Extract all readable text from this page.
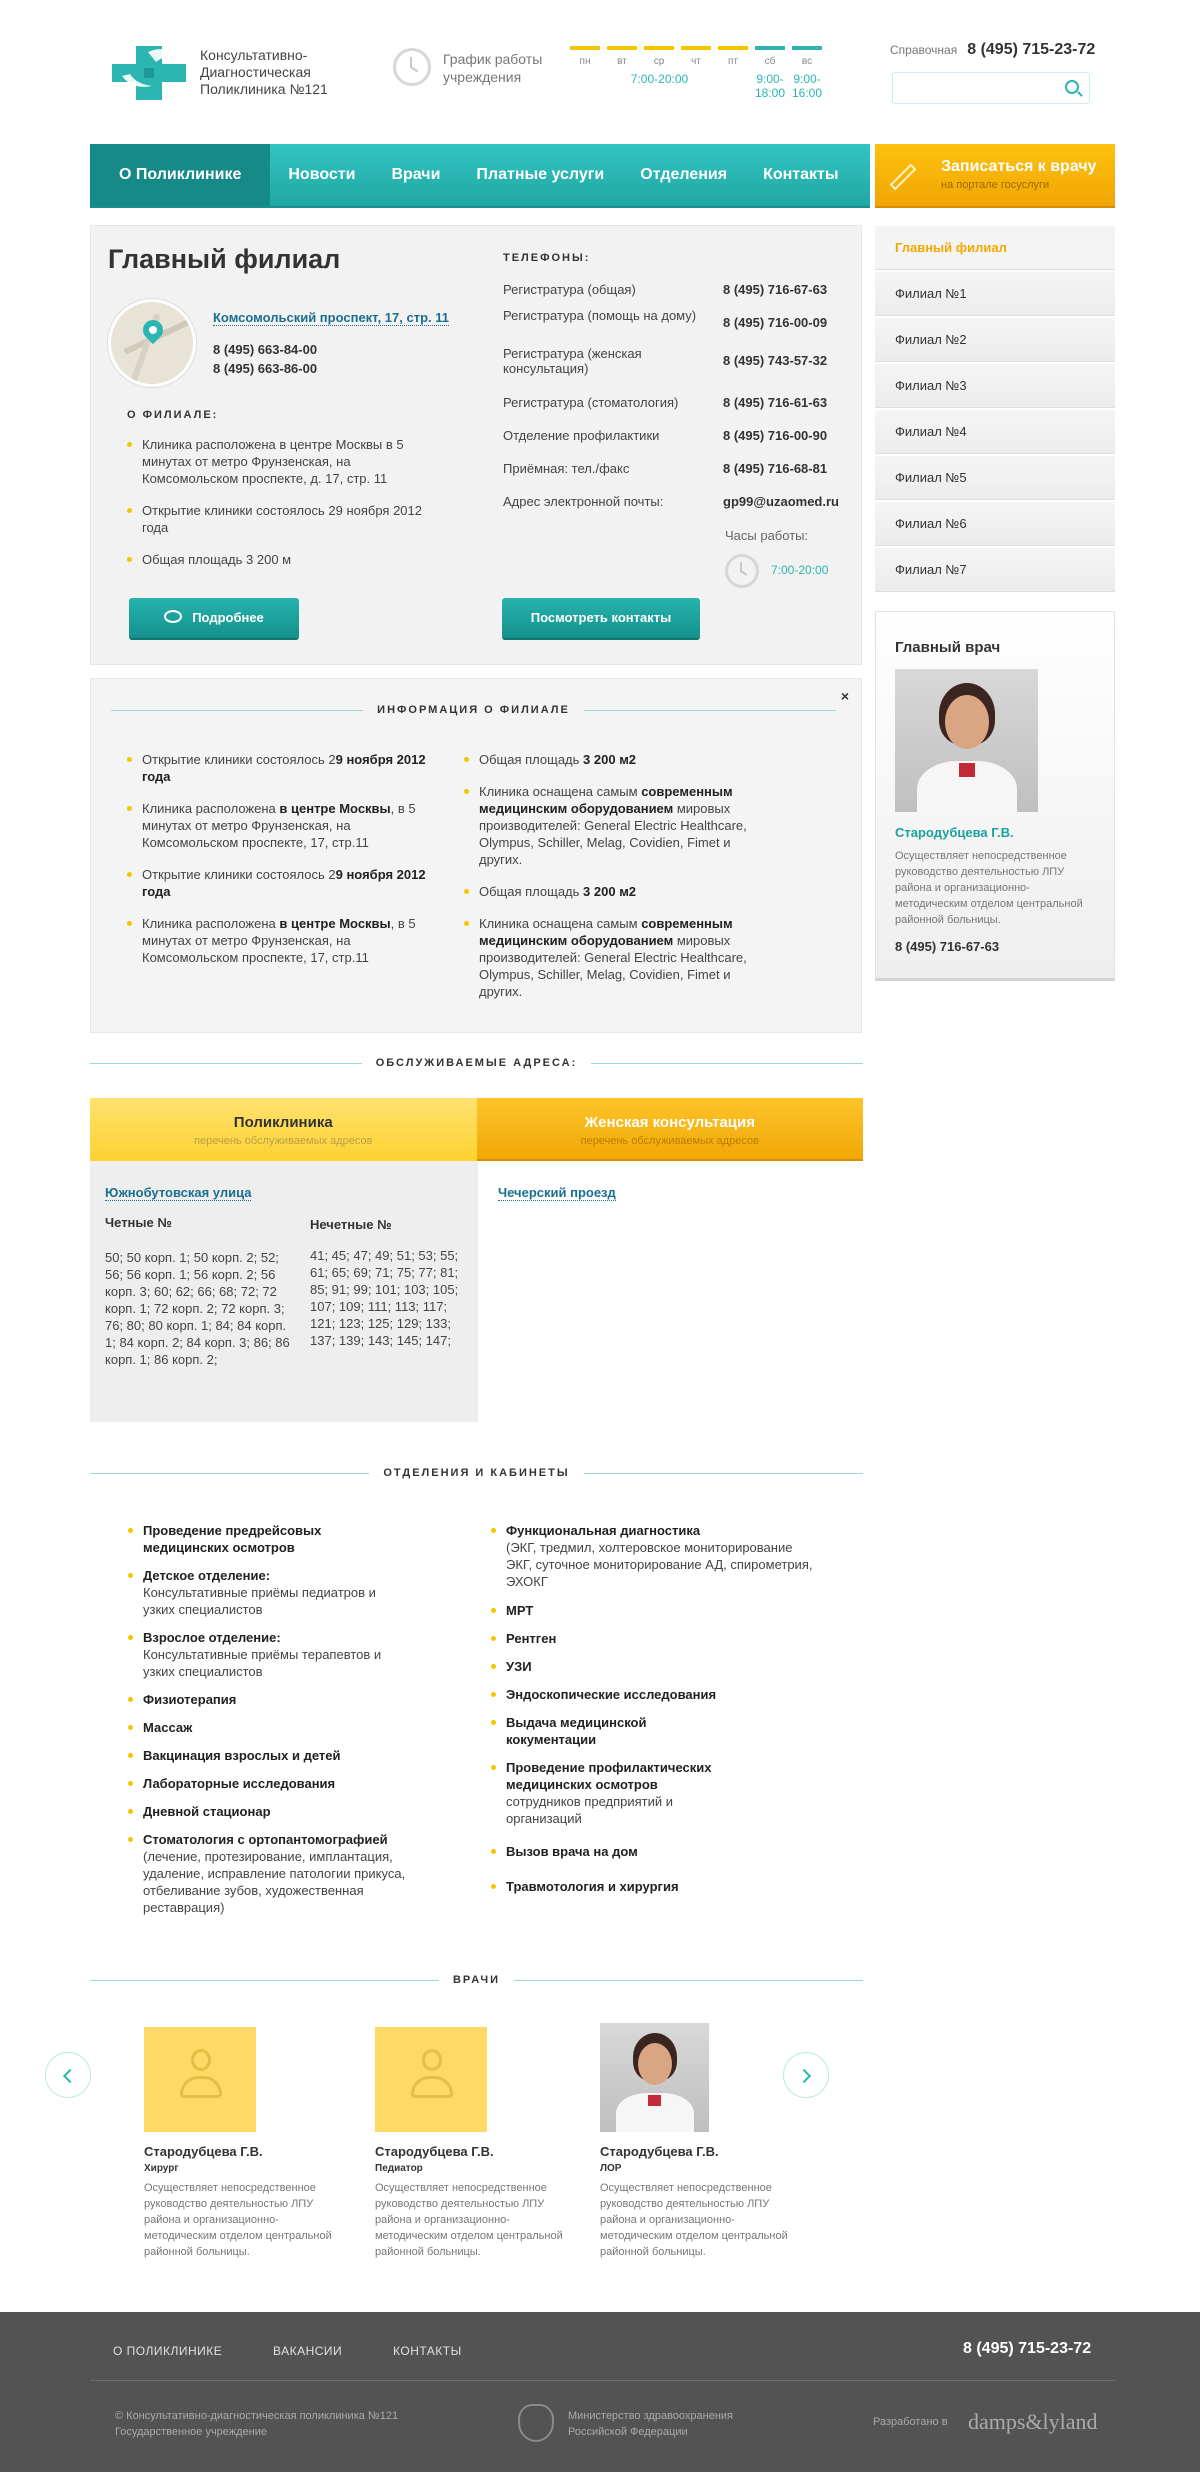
Консультативно-Диагностическая Поликлиника №121
График работы учреждения
пн	вт	ср	чт	пт	сб	вс
7:00-20:00	9:00-18:00
9:00-16:00
Справочная 8 (495) 715-23-72
О Поликлинике	Новости	Врачи	Платные услуги	Отделения	Контакты	Записаться к врачу
на портале госуслуги
Главный филиал
Комсомольский проспект, 17, стр. 11
8 (495) 663-84-00
8 (495) 663-86-00
О ФИЛИАЛЕ:
Клиника расположена в центре Москвы в 5 минутах от метро Фрунзенская, на Комсомольском проспекте, д. 17, стр. 11
Открытие клиники состоялось 29 ноября 2012 года
Общая площадь 3 200 м
Подробнее
ТЕЛЕФОНЫ:
Регистратура (общая)	8 (495) 716-67-63
Регистратура (помощь на дому)	8 (495) 716-00-09
Регистратура (женская консультация)
8 (495) 743-57-32
Регистратура (стоматология)	8 (495) 716-61-63
Отделение профилактики	8 (495) 716-00-90
Приёмная: тел./факс	8 (495) 716-68-81
Адрес электронной почты:	gp99@uzaomed.ru
Часы работы:
7:00-20:00
Посмотреть контакты
Главный филиал
Филиал №1
Филиал №2
Филиал №3
Филиал №4
Филиал №5
Филиал №6
Филиал №7
Главный врач
Стародубцева Г.В.
Осуществляет непосредственное руководство деятельностью ЛПУ района и организационно-методическим отделом центральной районной больницы.
8 (495) 716-67-63
ИНФОРМАЦИЯ О ФИЛИАЛЕ
×
Открытие клиники состоялось 29 ноября 2012 года
Клиника расположена в центре Москвы, в 5 минутах от метро Фрунзенская, на Комсомольском проспекте, 17, стр.11
Открытие клиники состоялось 29 ноября 2012 года
Клиника расположена в центре Москвы, в 5 минутах от метро Фрунзенская, на Комсомольском проспекте, 17, стр.11
Общая площадь 3 200 м2
Клиника оснащена самым современным медицинским оборудованием мировых производителей: General Electric Healthcare, Olympus, Schiller, Melag, Covidien, Fimet и других.
Общая площадь 3 200 м2
Клиника оснащена самым современным медицинским оборудованием мировых производителей: General Electric Healthcare, Olympus, Schiller, Melag, Covidien, Fimet и других.
ОБСЛУЖИВАЕМЫЕ АДРЕСА:
Поликлиника
перечень обслуживаемых адресов
Женская консультация
перечень обслуживаемых адресов
Южнобутовская улица
Четные №
50; 50 корп. 1; 50 корп. 2; 52; 56; 56 корп. 1; 56 корп. 2; 56 корп. 3; 60; 62; 66; 68; 72; 72 корп. 1; 72 корп. 2; 72 корп. 3; 76; 80; 80 корп. 1; 84; 84 корп. 1; 84 корп. 2; 84 корп. 3; 86; 86 корп. 1; 86 корп. 2;
Нечетные №
41; 45; 47; 49; 51; 53; 55; 61; 65; 69; 71; 75; 77; 81; 85; 91; 99; 101; 103; 105; 107; 109; 111; 113; 117; 121; 123; 125; 129; 133; 137; 139; 143; 145; 147;
Чечерский проезд
ОТДЕЛЕНИЯ И КАБИНЕТЫ
Проведение предрейсовых медицинских осмотров
Детское отделение:
Консультативные приёмы педиатров и узких специалистов
Взрослое отделение:
Консультативные приёмы терапевтов и узких специалистов
Физиотерапия
Массаж
Вакцинация взрослых и детей
Лабораторные исследования
Дневной стационар
Стоматология с ортопантомографией (лечение, протезирование, имплантация, удаление, исправление патологии прикуса, отбеливание зубов, художественная реставрация)
Функциональная диагностика
(ЭКГ, тредмил, холтеровское мониторирование ЭКГ, суточное мониторирование АД, спирометрия, ЭХОКГ
МРТ
Рентген
УЗИ
Эндоскопические исследования
Выдача медицинской кокументации
Проведение профилактических медицинских осмотров
сотрудников предприятий и организаций
Вызов врача на дом
Травмотология и хирургия
ВРАЧИ
Стародубцева Г.В.
Хирург
Осуществляет непосредственное руководство деятельностью ЛПУ района и организационно-методическим отделом центральной районной больницы.
Стародубцева Г.В.
Педиатор
Осуществляет непосредственное руководство деятельностью ЛПУ района и организационно-методическим отделом центральной районной больницы.
Стародубцева Г.В.
ЛОР
Осуществляет непосредственное руководство деятельностью ЛПУ района и организационно-методическим отделом центральной районной больницы.
О ПОЛИКЛИНИКЕ	ВАКАНСИИ	КОНТАКТЫ	8 (495) 715-23-72
© Консультативно-диагностическая поликлиника №121
Государственное учреждение
Министерство здравоохранения
Российской Федерации
Разработано в damps&lyland
